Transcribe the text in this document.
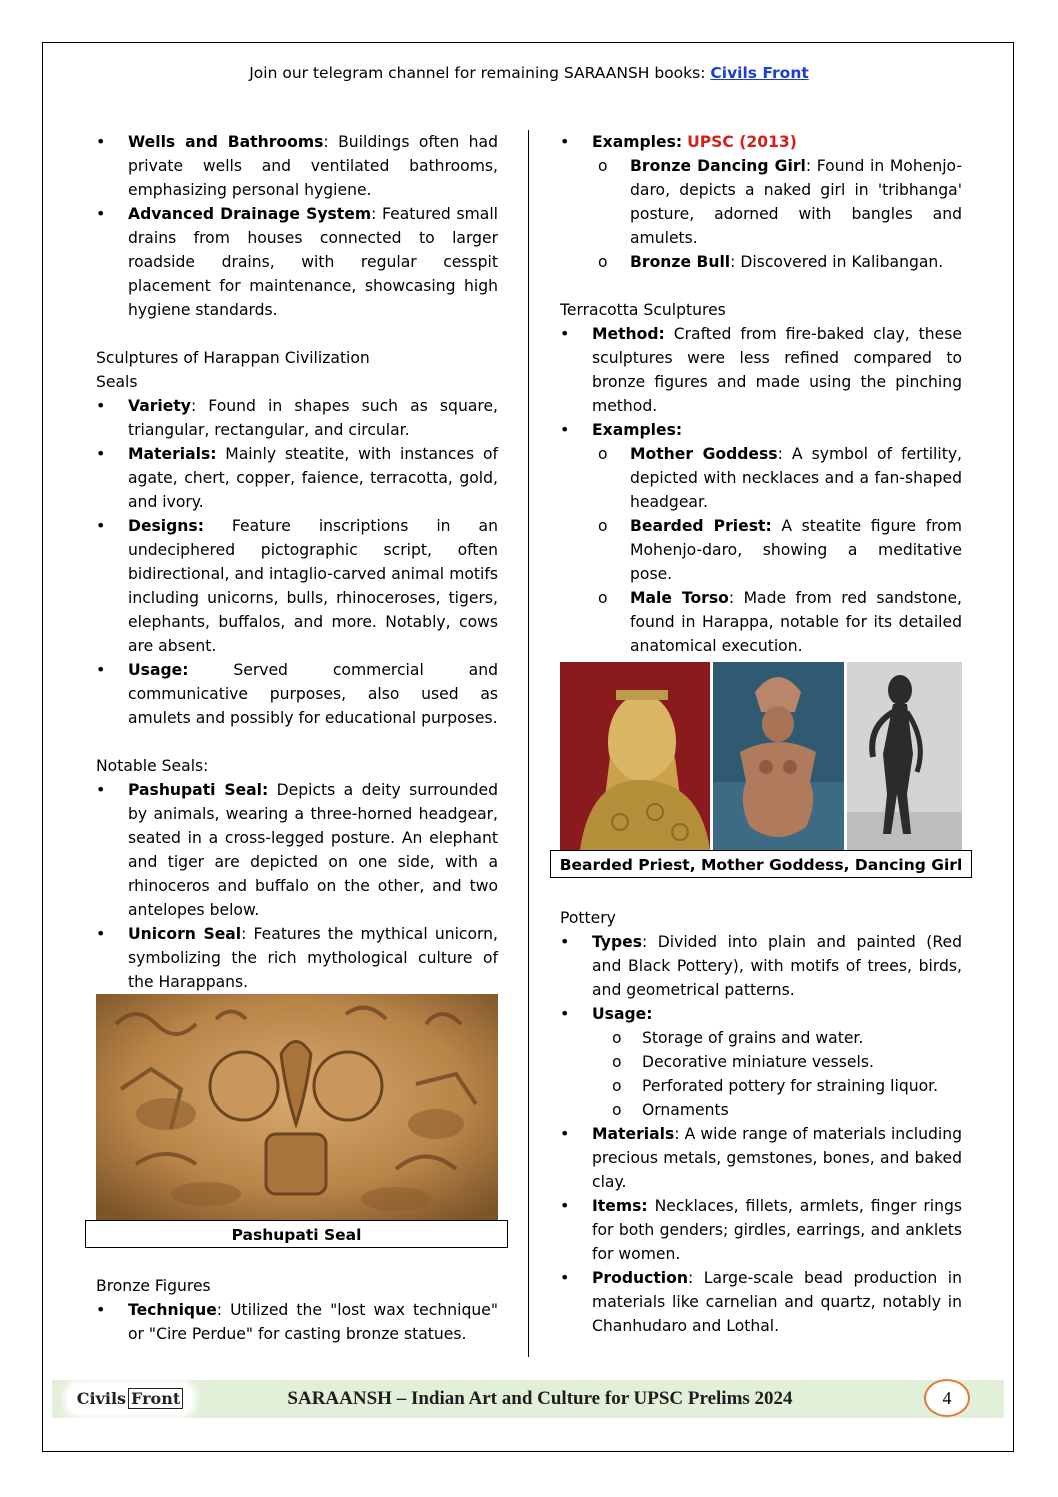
Join our telegram channel for remaining SARAANSH books: Civils Front
• Wells and Bathrooms: Buildings often had private wells and ventilated bathrooms, emphasizing personal hygiene.
• Advanced Drainage System: Featured small drains from houses connected to larger roadside drains, with regular cesspit placement for maintenance, showcasing high hygiene standards.
Sculptures of Harappan Civilization
Seals
• Variety: Found in shapes such as square, triangular, rectangular, and circular.
• Materials: Mainly steatite, with instances of agate, chert, copper, faience, terracotta, gold, and ivory.
• Designs: Feature inscriptions in an undeciphered pictographic script, often bidirectional, and intaglio-carved animal motifs including unicorns, bulls, rhinoceroses, tigers, elephants, buffalos, and more. Notably, cows are absent.
• Usage: Served commercial and communicative purposes, also used as amulets and possibly for educational purposes.
Notable Seals:
• Pashupati Seal: Depicts a deity surrounded by animals, wearing a three-horned headgear, seated in a cross-legged posture. An elephant and tiger are depicted on one side, with a rhinoceros and buffalo on the other, and two antelopes below.
• Unicorn Seal: Features the mythical unicorn, symbolizing the rich mythological culture of the Harappans.
Pashupati Seal
Bronze Figures
• Technique: Utilized the "lost wax technique" or "Cire Perdue" for casting bronze statues.
• Examples: UPSC (2013)
o Bronze Dancing Girl: Found in Mohenjo-daro, depicts a naked girl in 'tribhanga' posture, adorned with bangles and amulets.
o Bronze Bull: Discovered in Kalibangan.
Terracotta Sculptures
• Method: Crafted from fire-baked clay, these sculptures were less refined compared to bronze figures and made using the pinching method.
• Examples:
o Mother Goddess: A symbol of fertility, depicted with necklaces and a fan-shaped headgear.
o Bearded Priest: A steatite figure from Mohenjo-daro, showing a meditative pose.
o Male Torso: Made from red sandstone, found in Harappa, notable for its detailed anatomical execution.
Bearded Priest, Mother Goddess, Dancing Girl
Pottery
• Types: Divided into plain and painted (Red and Black Pottery), with motifs of trees, birds, and geometrical patterns.
• Usage:
o Storage of grains and water.
o Decorative miniature vessels.
o Perforated pottery for straining liquor.
o Ornaments
• Materials: A wide range of materials including precious metals, gemstones, bones, and baked clay.
• Items: Necklaces, fillets, armlets, finger rings for both genders; girdles, earrings, and anklets for women.
• Production: Large-scale bead production in materials like carnelian and quartz, notably in Chanhudaro and Lothal.
Civils Front	SARAANSH – Indian Art and Culture for UPSC Prelims 2024	4
